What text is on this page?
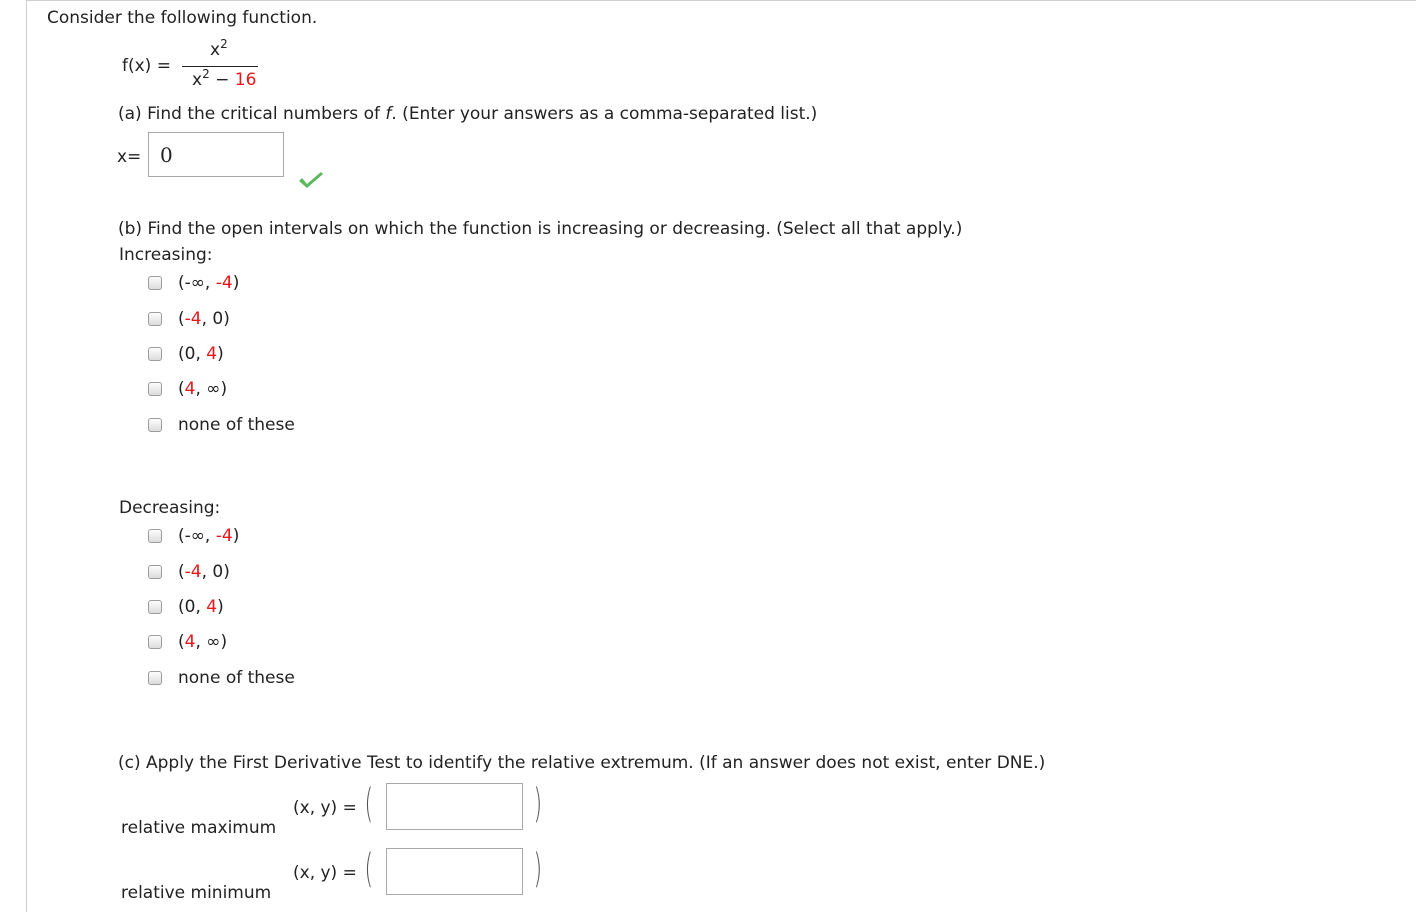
Consider the following function.
f(x) =
$x^2$
$x^2 - 16$
(a) Find the critical numbers of f. (Enter your answers as a comma-separated list.)
x= 0
(b) Find the open intervals on which the function is increasing or decreasing. (Select all that apply.)
Increasing:
(-∞, -4)
(-4, 0)
(0, 4)
(4, ∞)
none of these
Decreasing:
(-∞, -4)
(-4, 0)
(0, 4)
(4, ∞)
none of these
(c) Apply the First Derivative Test to identify the relative extremum. (If an answer does not exist, enter DNE.)
(x, y) = (	)
relative maximum
(x, y) = (	)
relative minimum
